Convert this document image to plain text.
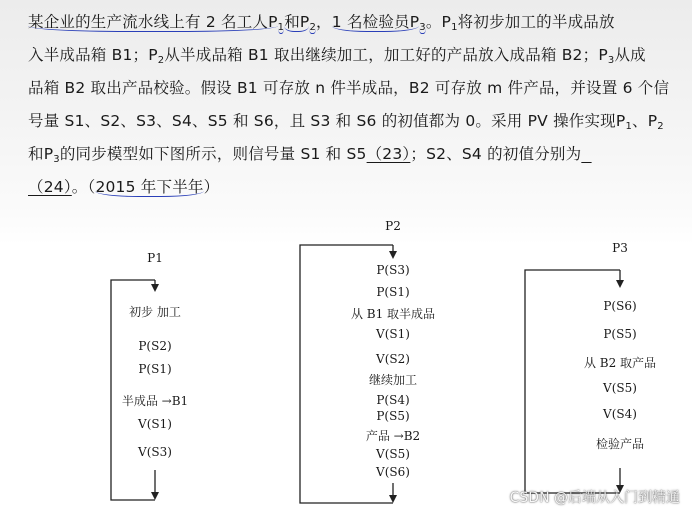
某企业的生产流水线上有 2 名工人$P_1$和$P_2$，1 名检验员$P_3$。$P_1$将初步加工的半成品放
入半成品箱 B1；$P_2$从半成品箱 B1 取出继续加工，加工好的产品放入成品箱 B2；$P_3$从成
品箱 B2 取出产品校验。假设 B1 可存放 n 件半成品，B2 可存放 m 件产品，并设置 6 个信
号量 S1、S2、S3、S4、S5 和 S6，且 S3 和 S6 的初值都为 0。采用 PV 操作实现$P_1$、$P_2$
和$P_3$的同步模型如下图所示，则信号量 S1 和 S5（23）；S2、S4 的初值分别为
（24）。（2015 年下半年）
P1
初步 加工
P(S2)
P(S1)
半成品 →B1
V(S1)
V(S3)
P2
P(S3)
P(S1)
从 B1 取半成品
V(S1)
V(S2)
继续加工
P(S4)
P(S5)
产品 →B2
V(S5)
V(S6)
P3
P(S6)
P(S5)
从 B2 取产品
V(S5)
V(S4)
检验产品
CSDN @后端从入门到精通
